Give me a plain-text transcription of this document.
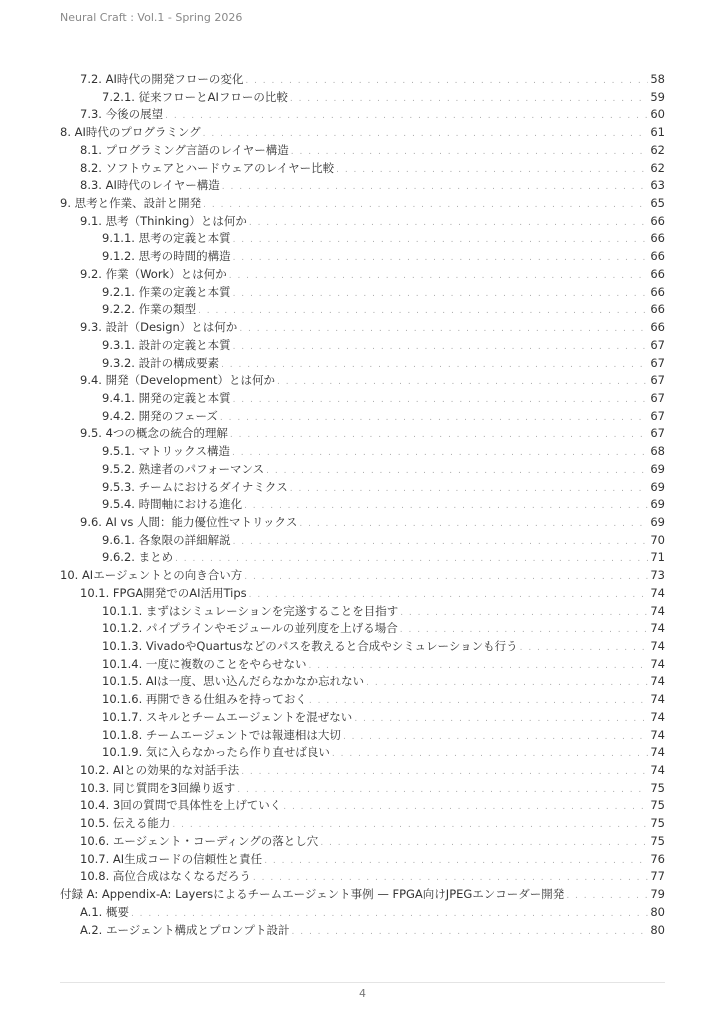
Neural Craft : Vol.1 - Spring 2026
7.2. AI時代の開発フローの変化 . . .	58
7.2.1. 従来フローとAIフローの比較 . . .	59
7.3. 今後の展望 . . .	60
8. AI時代のプログラミング . . .	61
8.1. プログラミング言語のレイヤー構造 . . .	62
8.2. ソフトウェアとハードウェアのレイヤー比較 . . .	62
8.3. AI時代のレイヤー構造 . . .	63
9. 思考と作業、設計と開発 . . .	65
9.1. 思考（Thinking）とは何か . . .	66
9.1.1. 思考の定義と本質 . . .	66
9.1.2. 思考の時間的構造 . . .	66
9.2. 作業（Work）とは何か . . .	66
9.2.1. 作業の定義と本質 . . .	66
9.2.2. 作業の類型 . . .	66
9.3. 設計（Design）とは何か . . .	66
9.3.1. 設計の定義と本質 . . .	67
9.3.2. 設計の構成要素 . . .	67
9.4. 開発（Development）とは何か . . .	67
9.4.1. 開発の定義と本質 . . .	67
9.4.2. 開発のフェーズ . . .	67
9.5. 4つの概念の統合的理解 . . .	67
9.5.1. マトリックス構造 . . .	68
9.5.2. 熟達者のパフォーマンス . . .	69
9.5.3. チームにおけるダイナミクス . . .	69
9.5.4. 時間軸における進化 . . .	69
9.6. AI vs 人間：能力優位性マトリックス . . .	69
9.6.1. 各象限の詳細解説 . . .	70
9.6.2. まとめ . . .	71
10. AIエージェントとの向き合い方 . . .	73
10.1. FPGA開発でのAI活用Tips . . .	74
10.1.1. まずはシミュレーションを完遂することを目指す . . .	74
10.1.2. パイプラインやモジュールの並列度を上げる場合 . . .	74
10.1.3. VivadoやQuartusなどのパスを教えると合成やシミュレーションも行う . . .	74
10.1.4. 一度に複数のことをやらせない . . .	74
10.1.5. AIは一度、思い込んだらなかなか忘れない . . .	74
10.1.6. 再開できる仕組みを持っておく . . .	74
10.1.7. スキルとチームエージェントを混ぜない . . .	74
10.1.8. チームエージェントでは報連相は大切 . . .	74
10.1.9. 気に入らなかったら作り直せば良い . . .	74
10.2. AIとの効果的な対話手法 . . .	74
10.3. 同じ質問を3回繰り返す . . .	75
10.4. 3回の質問で具体性を上げていく . . .	75
10.5. 伝える能力 . . .	75
10.6. エージェント・コーディングの落とし穴 . . .	75
10.7. AI生成コードの信頼性と責任 . . .	76
10.8. 高位合成はなくなるだろう . . .	77
付録 A: Appendix-A: Layersによるチームエージェント事例 — FPGA向けJPEGエンコーダー開発 . . .	79
A.1. 概要 . . .	80
A.2. エージェント構成とプロンプト設計 . . .	80
4
